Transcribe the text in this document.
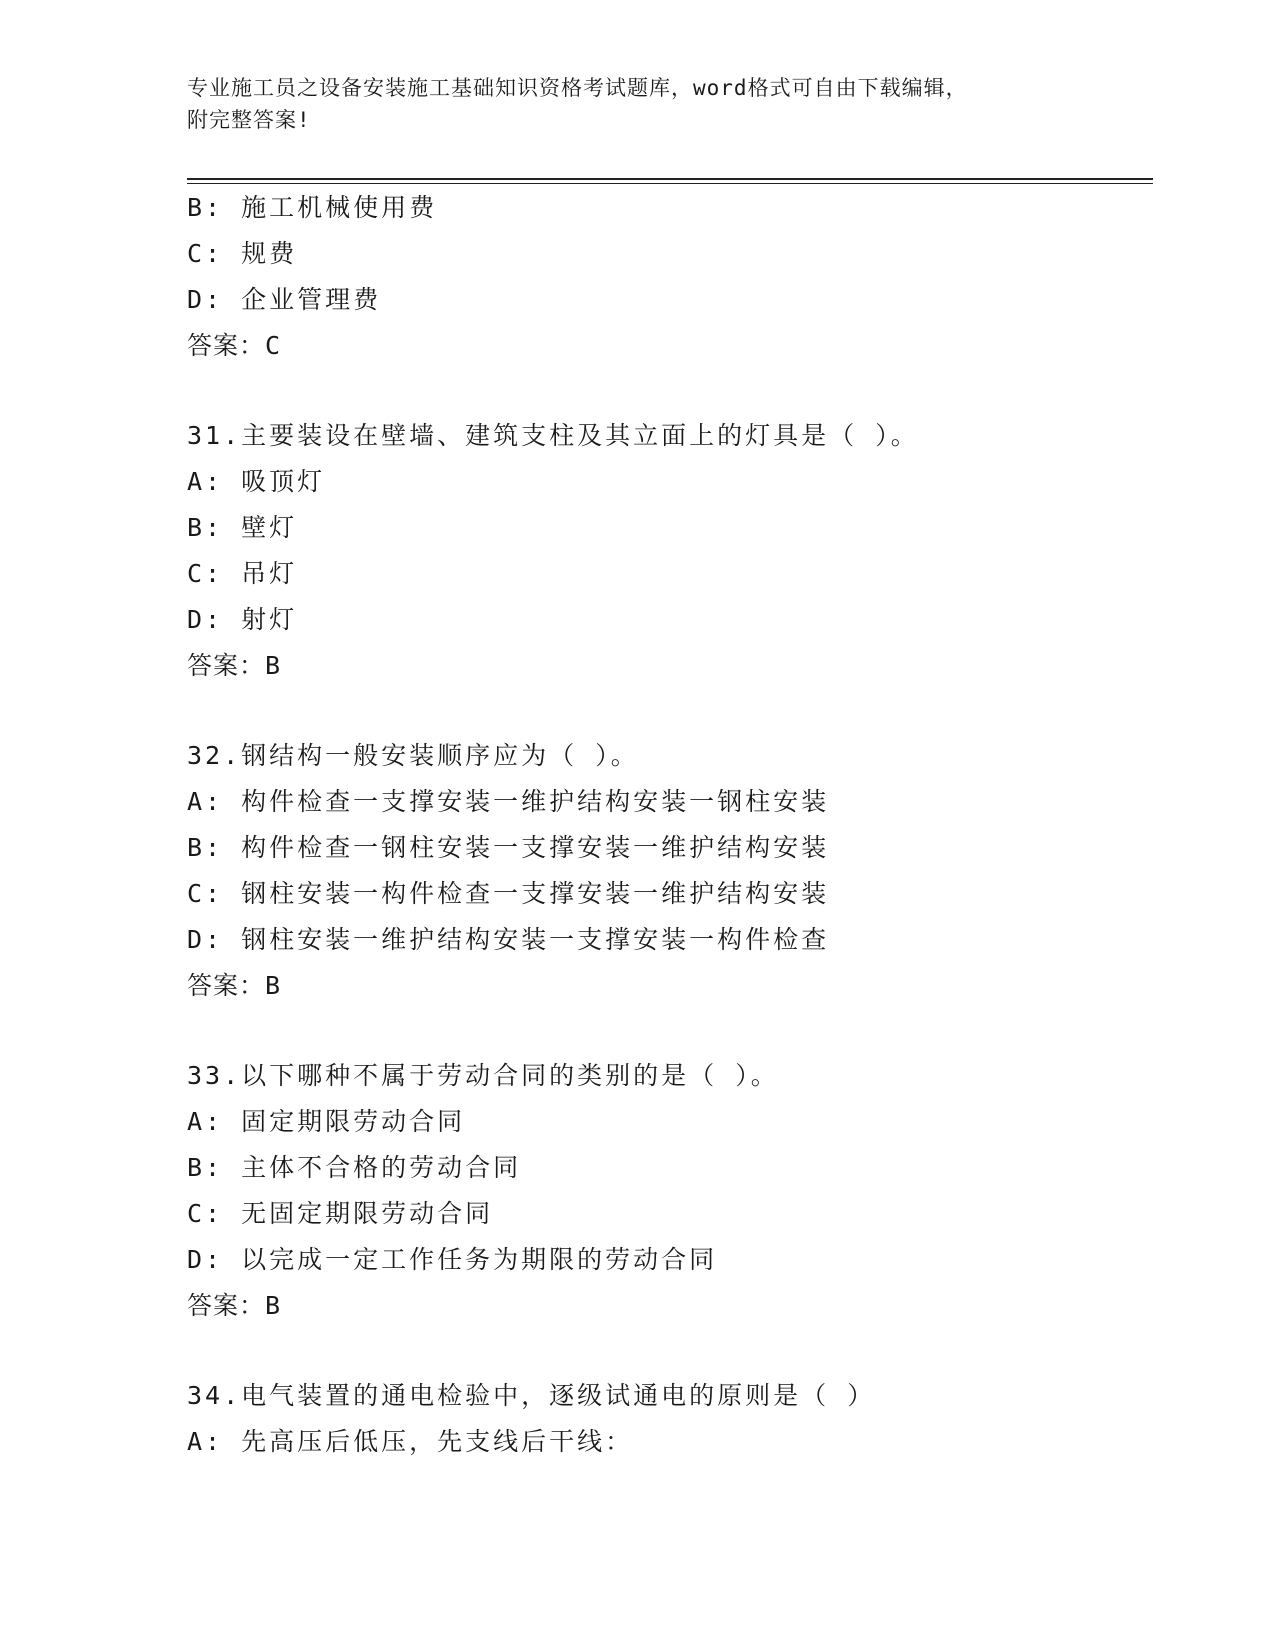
专业施工员之设备安装施工基础知识资格考试题库，word格式可自由下载编辑，
附完整答案!
B: 施工机械使用费
C: 规费
D: 企业管理费
答案：C
31.主要装设在壁墙、建筑支柱及其立面上的灯具是（ ）。
A: 吸顶灯
B: 壁灯
C: 吊灯
D: 射灯
答案：B
32.钢结构一般安装顺序应为（ ）。
A: 构件检查一支撑安装一维护结构安装一钢柱安装
B: 构件检查一钢柱安装一支撑安装一维护结构安装
C: 钢柱安装一构件检查一支撑安装一维护结构安装
D: 钢柱安装一维护结构安装一支撑安装一构件检查
答案：B
33.以下哪种不属于劳动合同的类别的是（ ）。
A: 固定期限劳动合同
B: 主体不合格的劳动合同
C: 无固定期限劳动合同
D: 以完成一定工作任务为期限的劳动合同
答案：B
34.电气装置的通电检验中，逐级试通电的原则是（ ）
A: 先高压后低压，先支线后干线：
